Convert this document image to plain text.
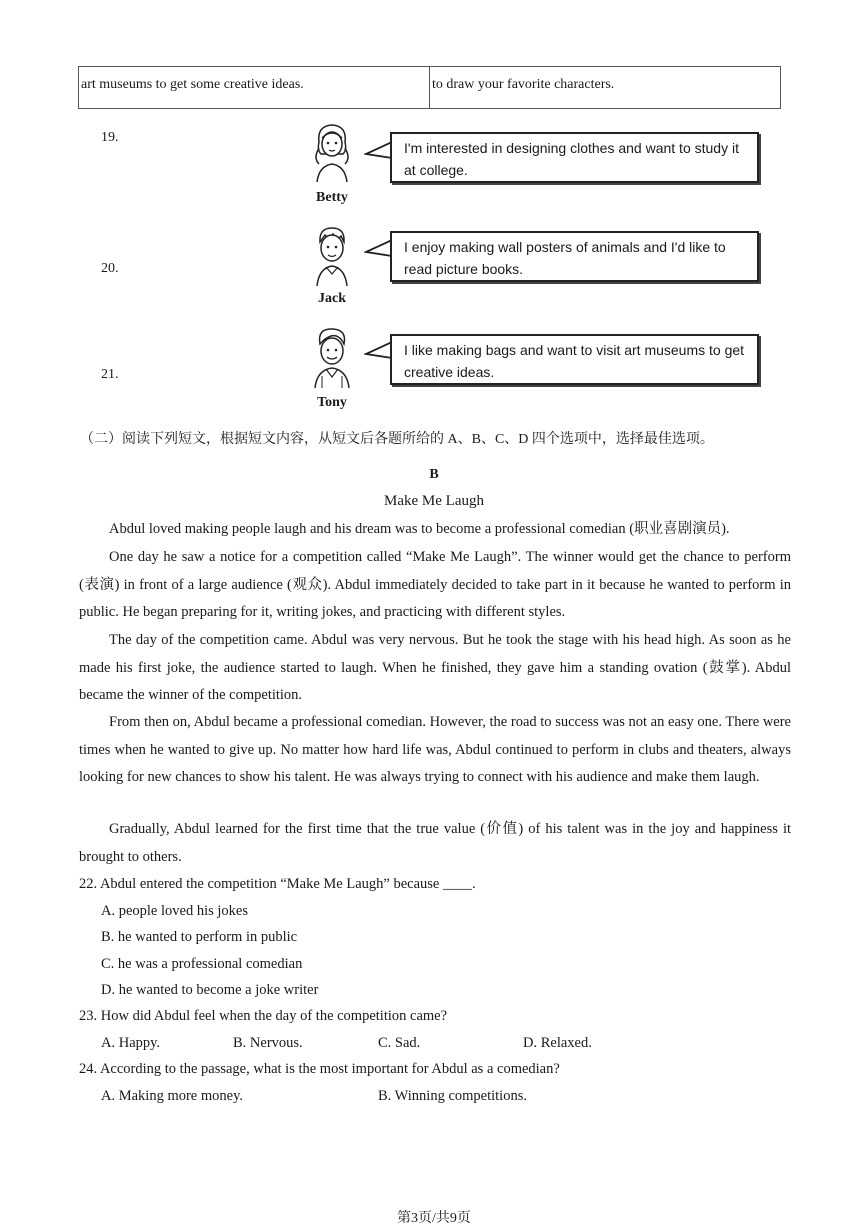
art museums to get some creative ideas.	to draw your favorite characters.
19.
Betty
I'm interested in designing clothes and want to study it at college.
20.
Jack
I enjoy making wall posters of animals and I'd like to read picture books.
21.
Tony
I like making bags and want to visit art museums to get creative ideas.
（二）阅读下列短文，根据短文内容，从短文后各题所给的 A、B、C、D 四个选项中，选择最佳选项。
B
Make Me Laugh

Abdul loved making people laugh and his dream was to become a professional comedian (职业喜剧演员).

One day he saw a notice for a competition called “Make Me Laugh”. The winner would get the chance to perform (表演) in front of a large audience (观众). Abdul immediately decided to take part in it because he wanted to perform in public. He began preparing for it, writing jokes, and practicing with different styles.

The day of the competition came. Abdul was very nervous. But he took the stage with his head high. As soon as he made his first joke, the audience started to laugh. When he finished, they gave him a standing ovation (鼓掌). Abdul became the winner of the competition.

From then on, Abdul became a professional comedian. However, the road to success was not an easy one. There were times when he wanted to give up. No matter how hard life was, Abdul continued to perform in clubs and theaters, always looking for new chances to show his talent. He was always trying to connect with his audience and make them laugh.

Gradually, Abdul learned for the first time that the true value (价值) of his talent was in the joy and happiness it brought to others.

22. Abdul entered the competition “Make Me Laugh” because ____.
A. people loved his jokes
B. he wanted to perform in public
C. he was a professional comedian
D. he wanted to become a joke writer
23. How did Abdul feel when the day of the competition came?
A. Happy.	B. Nervous.	C. Sad.	D. Relaxed.
24. According to the passage, what is the most important for Abdul as a comedian?
A. Making more money.	B. Winning competitions.
第3页/共9页
